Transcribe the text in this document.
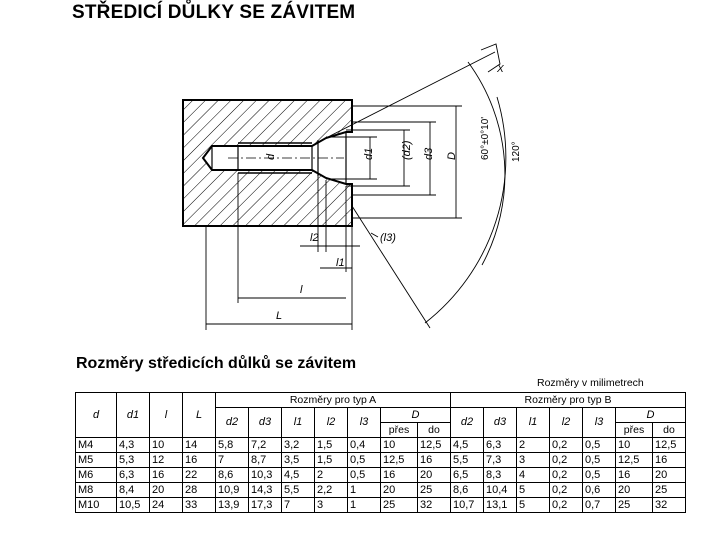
STŘEDICÍ DŮLKY SE ZÁVITEM
d	d1 (d2) d3 D 60°±0°10' 120°
X
l2	(l3)
l1
l
L
Rozměry středicích důlků se závitem
Rozměry v milimetrech
d	d1	l	L	Rozměry pro typ A							Rozměry pro typ B						
				d2	d3	l1	l2	l3	D		d2	d3	l1	l2	l3	D	
									přes	do						přes	do
M4	4,3	10	14	5,8	7,2	3,2	1,5	0,4	10	12,5	4,5	6,3	2	0,2	0,5	10	12,5
M5	5,3	12	16	7	8,7	3,5	1,5	0,5	12,5	16	5,5	7,3	3	0,2	0,5	12,5	16
M6	6,3	16	22	8,6	10,3	4,5	2	0,5	16	20	6,5	8,3	4	0,2	0,5	16	20
M8	8,4	20	28	10,9	14,3	5,5	2,2	1	20	25	8,6	10,4	5	0,2	0,6	20	25
M10	10,5	24	33	13,9	17,3	7	3	1	25	32	10,7	13,1	5	0,2	0,7	25	32
